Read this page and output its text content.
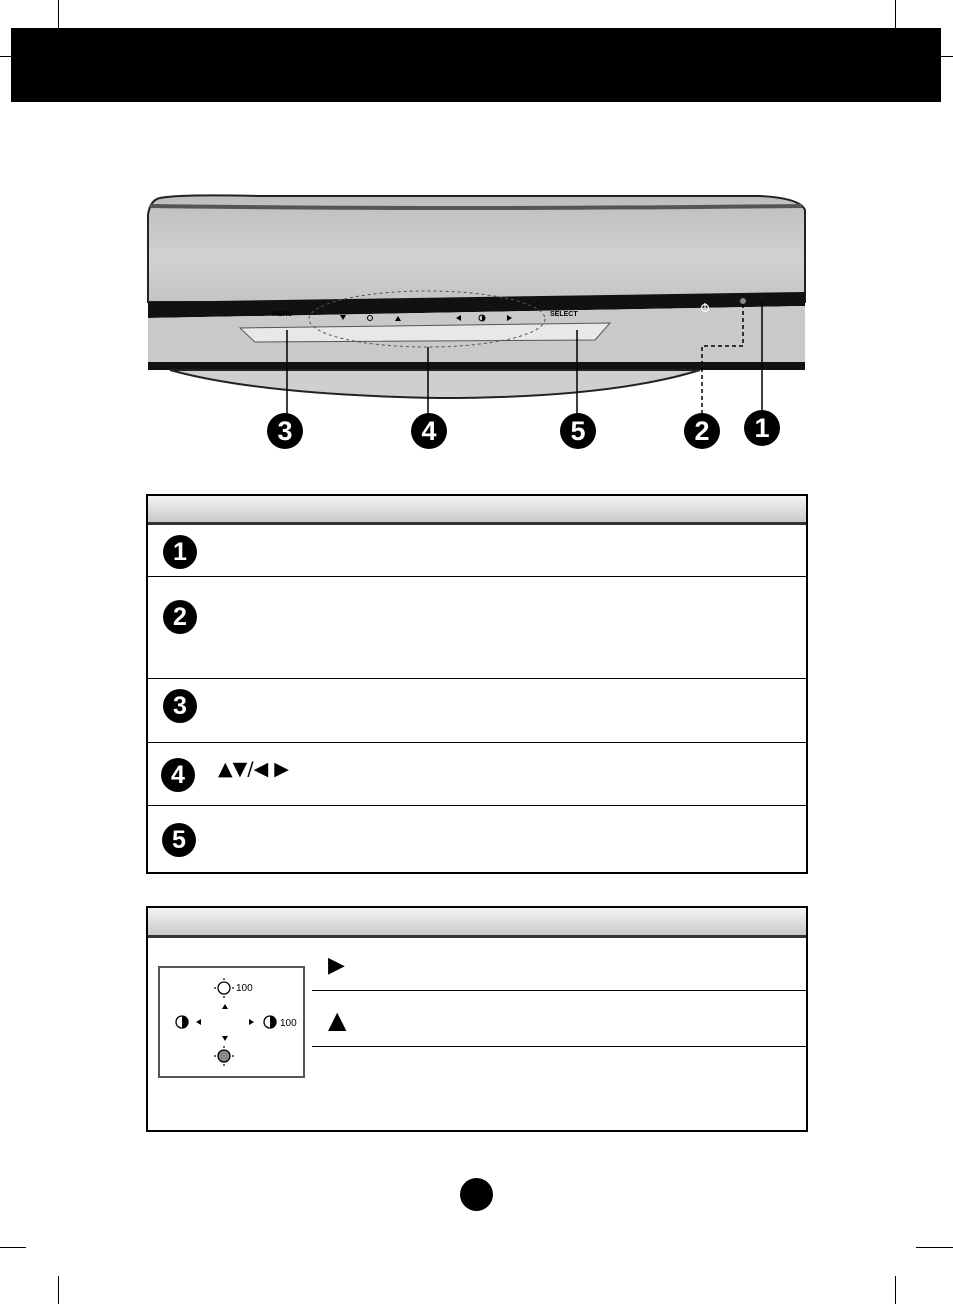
MENU	SELECT
3	4	5	2	1
1
2
3
4	▲▼/◀ ▶
5
▶
▲
100
100
